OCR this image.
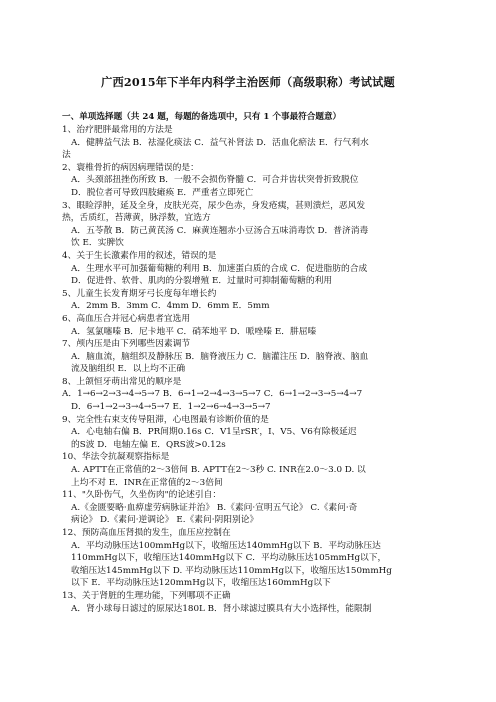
广西2015年下半年内科学主治医师（高级职称）考试试题
一、单项选择题（共 24 题，每题的备选项中，只有 1 个事最符合题意）
1、治疗肥胖最常用的方法是
A．健脾益气法 B．祛湿化痰法 C．益气补肾法 D．活血化瘀法 E．行气利水
法
2、寰椎骨折的病因病理错误的是：
A．头颈部扭挫伤所致 B．一般不会损伤脊髓 C．可合并齿状突骨折致脱位
D．脱位者可导致四肢瘫痪 E．严重者立即死亡
3、眼睑浮肿，延及全身，皮肤光亮，尿少色赤，身发疮痍，甚则溃烂，恶风发
热，舌质红，苔薄黄，脉浮数，宜选方
A．五苓散 B．防己黄芪汤 C．麻黄连翘赤小豆汤合五味消毒饮 D．普济消毒
饮 E．实脾饮
4、关于生长激素作用的叙述，错误的是
A．生理水平可加强葡萄糖的利用 B．加速蛋白质的合成 C．促进脂肪的合成
D．促进骨、软骨、肌肉的分裂增殖 E．过量时可抑制葡萄糖的利用
5、儿童生长发育期牙弓长度每年增长约
A．2mm B．3mm C．4mm D．6mm E．5mm
6、高血压合并冠心病患者宜选用
A．氢氯噻嗪 B．尼卡地平 C．硝苯地平 D．哌唑嗪 E．肼屈嗪
7、颅内压是由下列哪些因素调节
A．脑血流，脑组织及静脉压 B．脑脊液压力 C．脑灌注压 D．脑脊液、脑血
流及脑组织 E．以上均不正确
8、上颌恒牙萌出常见的顺序是
A．1→6→2→3→4→5→7 B．6→1→2→4→3→5→7 C．6→1→2→3→5→4→7
D．6→1→2→3→4→5→7 E．1→2→6→4→3→5→7
9、完全性右束支传导阻滞，心电图最有诊断价值的是
A．心电轴右偏 B．PR间期0.16s C．Ⅴ1呈rSR′，Ⅰ、Ⅴ5、Ⅴ6有除极延迟
的S波 D．电轴左偏 E．QRS波>0.12s
10、华法令抗凝观察指标是
A. APTT在正常值的2～3倍间 B. APTT在2～3秒 C. INR在2.0～3.0 D. 以
上均不对 E．INR在正常值的2～3倍间
11、"久卧伤气，久坐伤肉"的论述引自：
A.《金匮要略·血痹虚劳病脉证并治》 B.《素问·宣明五气论》 C.《素问·奇
病论》 D.《素问·逆调论》 E.《素问·阴阳别论》
12、预防高血压肾损的发生，血压应控制在
A．平均动脉压达100mmHg以下，收缩压达140mmHg以下 B．平均动脉压达
110mmHg以下，收缩压达140mmHg以下 C．平均动脉压达105mmHg以下，
收缩压达145mmHg以下 D. 平均动脉压达110mmHg以下，收缩压达150mmHg
以下 E．平均动脉压达120mmHg以下，收缩压达160mmHg以下
13、关于肾脏的生理功能，下列哪项不正确
A．肾小球每日滤过的原尿达180L B．肾小球滤过膜具有大小选择性，能限制
